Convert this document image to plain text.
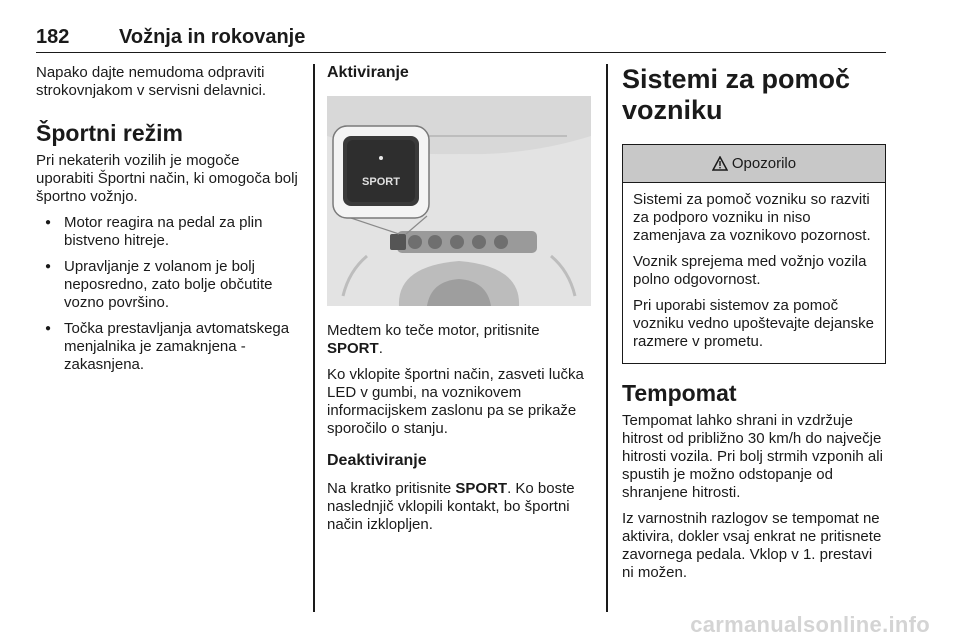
182 Vožnja in rokovanje

Napako dajte nemudoma odpraviti strokovnjakom v servisni delavnici.

Športni režim

Pri nekaterih vozilih je mogoče uporabiti Športni način, ki omogoča bolj športno vožnjo.

● Motor reagira na pedal za plin bistveno hitreje.
● Upravljanje z volanom je bolj neposredno, zato bolje občutite vozno površino.
● Točka prestavljanja avtomatskega menjalnika je zamaknjena - zakasnjena.
Aktiviranje
SPORT

Medtem ko teče motor, pritisnite SPORT.

Ko vklopite športni način, zasveti lučka LED v gumbi, na voznikovem informacijskem zaslonu pa se prikaže sporočilo o stanju.

Deaktiviranje

Na kratko pritisnite SPORT. Ko boste naslednjič vklopili kontakt, bo športni način izklopljen.

Sistemi za pomoč vozniku
Opozorilo

Sistemi za pomoč vozniku so razviti za podporo vozniku in niso zamenjava za voznikovo pozornost.

Voznik sprejema med vožnjo vozila polno odgovornost.

Pri uporabi sistemov za pomoč vozniku vedno upoštevajte dejanske razmere v prometu.

Tempomat

Tempomat lahko shrani in vzdržuje hitrost od približno 30 km/h do največje hitrosti vozila. Pri bolj strmih vzponih ali spustih je možno odstopanje od shranjene hitrosti.

Iz varnostnih razlogov se tempomat ne aktivira, dokler vsaj enkrat ne pritisnete zavornega pedala. Vklop v 1. prestavi ni možen.

carmanualsonline.info
